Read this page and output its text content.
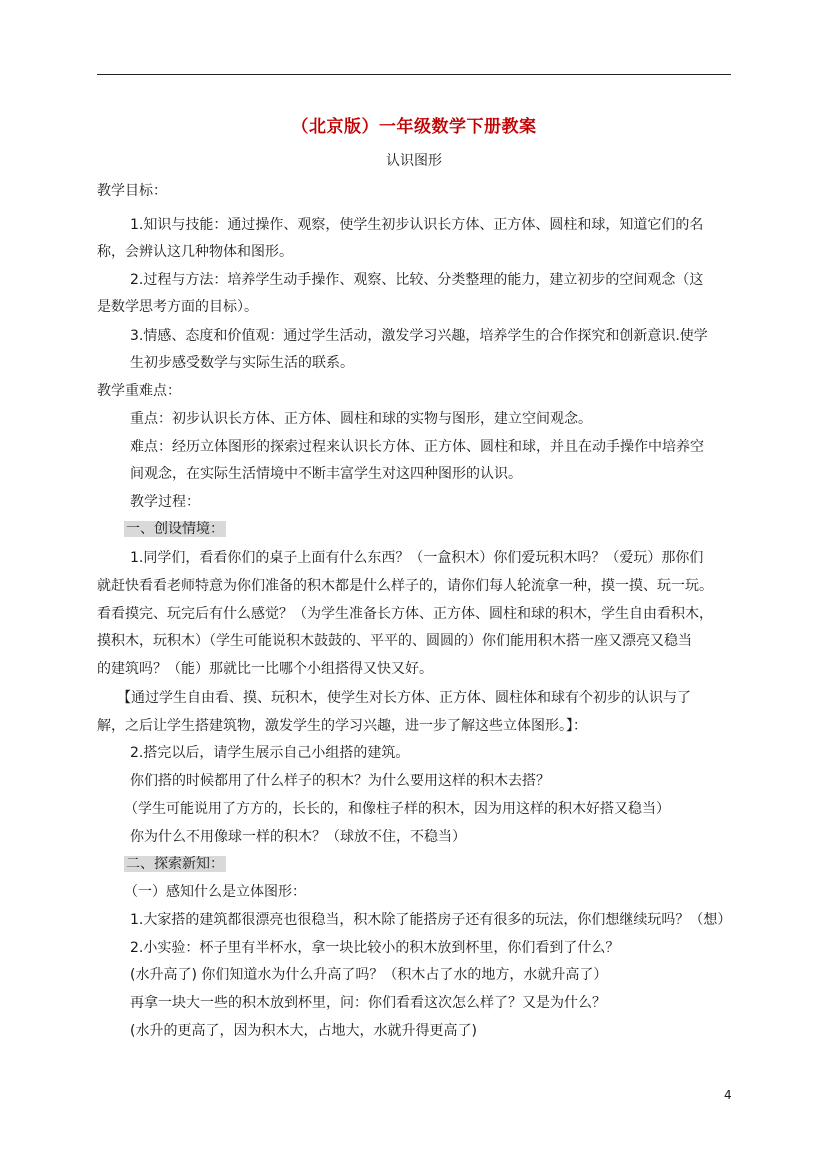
（北京版）一年级数学下册教案
认识图形
教学目标：
1.知识与技能：通过操作、观察，使学生初步认识长方体、正方体、圆柱和球，知道它们的名
称，会辨认这几种物体和图形。
2.过程与方法：培养学生动手操作、观察、比较、分类整理的能力，建立初步的空间观念（这
是数学思考方面的目标）。
3.情感、态度和价值观：通过学生活动，激发学习兴趣，培养学生的合作探究和创新意识.使学
生初步感受数学与实际生活的联系。
教学重难点：
重点：初步认识长方体、正方体、圆柱和球的实物与图形，建立空间观念。
难点：经历立体图形的探索过程来认识长方体、正方体、圆柱和球，并且在动手操作中培养空
间观念，在实际生活情境中不断丰富学生对这四种图形的认识。
教学过程：
一、创设情境：
1.同学们，看看你们的桌子上面有什么东西？（一盒积木）你们爱玩积木吗？（爱玩）那你们
就赶快看看老师特意为你们准备的积木都是什么样子的，请你们每人轮流拿一种，摸一摸、玩一玩。
看看摸完、玩完后有什么感觉？（为学生准备长方体、正方体、圆柱和球的积木，学生自由看积木，
摸积木，玩积木）（学生可能说积木鼓鼓的、平平的、圆圆的）你们能用积木搭一座又漂亮又稳当
的建筑吗？（能）那就比一比哪个小组搭得又快又好。
【通过学生自由看、摸、玩积木，使学生对长方体、正方体、圆柱体和球有个初步的认识与了
解，之后让学生搭建筑物，激发学生的学习兴趣，进一步了解这些立体图形。】：
2.搭完以后，请学生展示自己小组搭的建筑。
你们搭的时候都用了什么样子的积木？为什么要用这样的积木去搭？
（学生可能说用了方方的，长长的，和像柱子样的积木，因为用这样的积木好搭又稳当）
你为什么不用像球一样的积木？（球放不住，不稳当）
二、探索新知：
（一）感知什么是立体图形：
1.大家搭的建筑都很漂亮也很稳当，积木除了能搭房子还有很多的玩法，你们想继续玩吗？（想）
2.小实验：杯子里有半杯水，拿一块比较小的积木放到杯里，你们看到了什么？
(水升高了) 你们知道水为什么升高了吗？（积木占了水的地方，水就升高了）
再拿一块大一些的积木放到杯里，问：你们看看这次怎么样了？又是为什么？
(水升的更高了，因为积木大，占地大，水就升得更高了)
4
